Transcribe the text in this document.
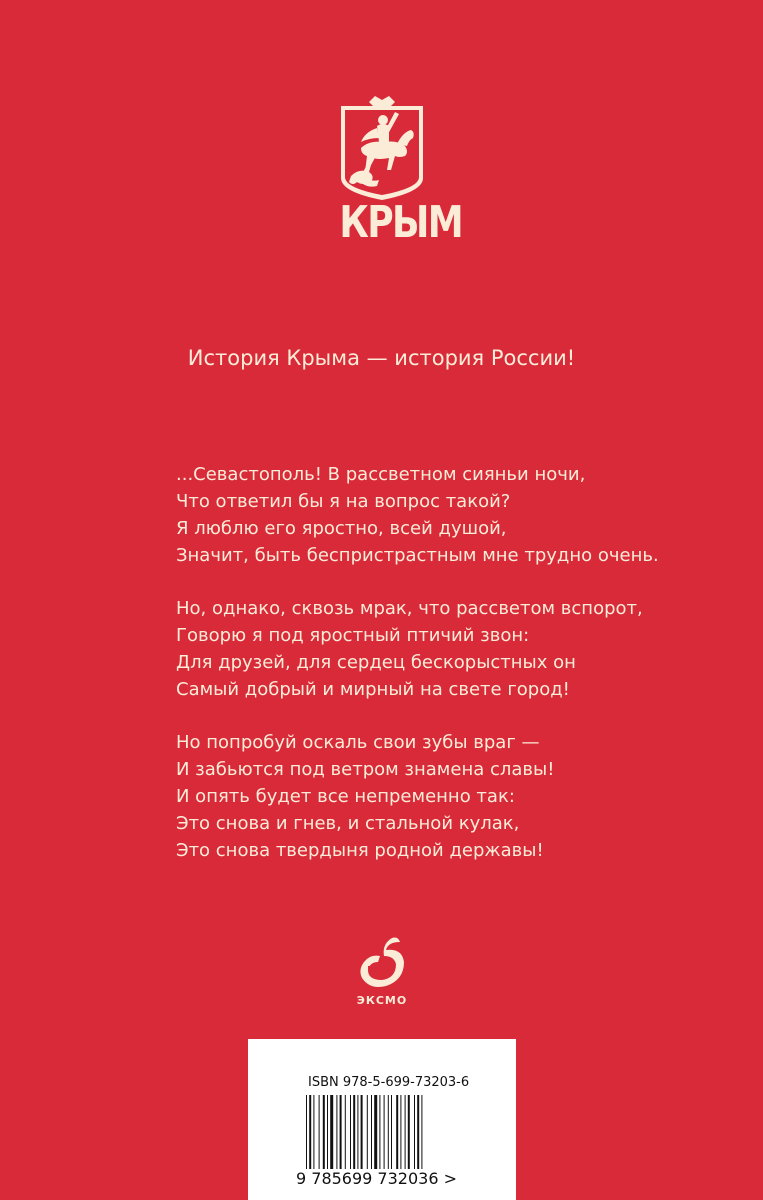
КРЫМ
История Крыма — история России!
...Севастополь! В рассветном сияньи ночи,
Что ответил бы я на вопрос такой?
Я люблю его яростно, всей душой,
Значит, быть беспристрастным мне трудно очень.
Но, однако, сквозь мрак, что рассветом вспорот,
Говорю я под яростный птичий звон:
Для друзей, для сердец бескорыстных он
Самый добрый и мирный на свете город!
Но попробуй оскаль свои зубы враг —
И забьются под ветром знамена славы!
И опять будет все непременно так:
Это снова и гнев, и стальной кулак,
Это снова твердыня родной державы!
ЭКСМО
ISBN 978-5-699-73203-6
9 785699 732036 >
